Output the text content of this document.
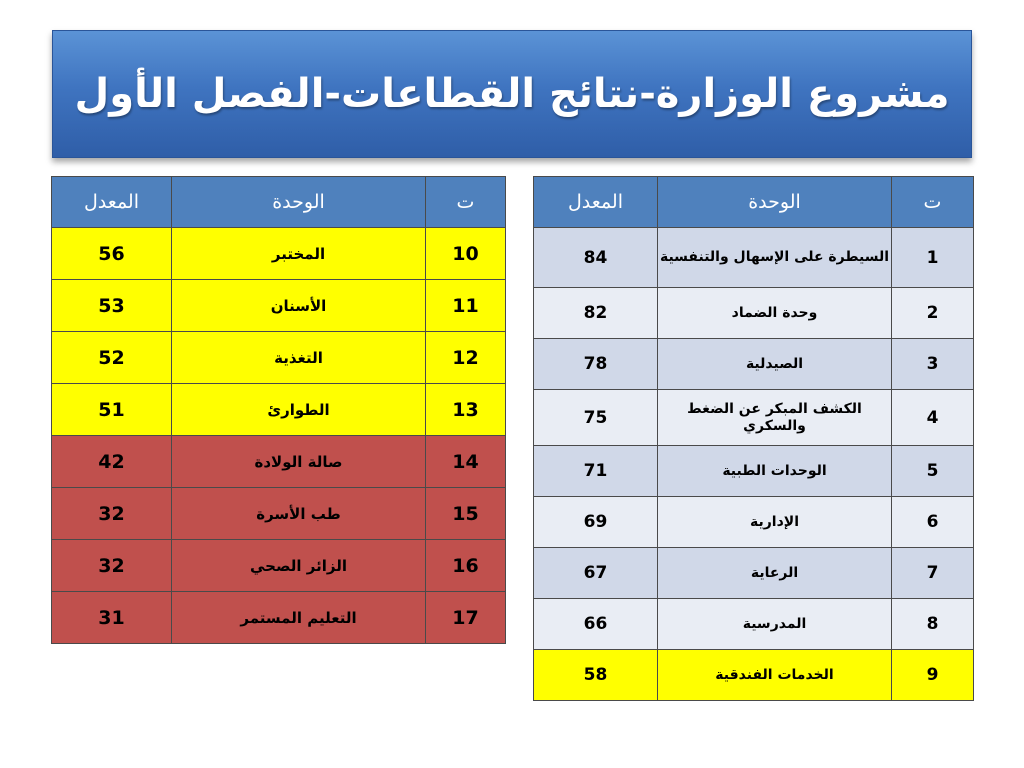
مشروع الوزارة-نتائج القطاعات-الفصل الأول
ت	الوحدة	المعدل
1	السيطرة على الإسهال والتنفسية	84
2	وحدة الضماد	82
3	الصيدلية	78
4	الكشف المبكر عن الضغط والسكري	75
5	الوحدات الطبية	71
6	الإدارية	69
7	الرعاية	67
8	المدرسية	66
9	الخدمات الفندقية	58
ت	الوحدة	المعدل
10	المختبر	56
11	الأسنان	53
12	التغذية	52
13	الطوارئ	51
14	صالة الولادة	42
15	طب الأسرة	32
16	الزائر الصحي	32
17	التعليم المستمر	31
